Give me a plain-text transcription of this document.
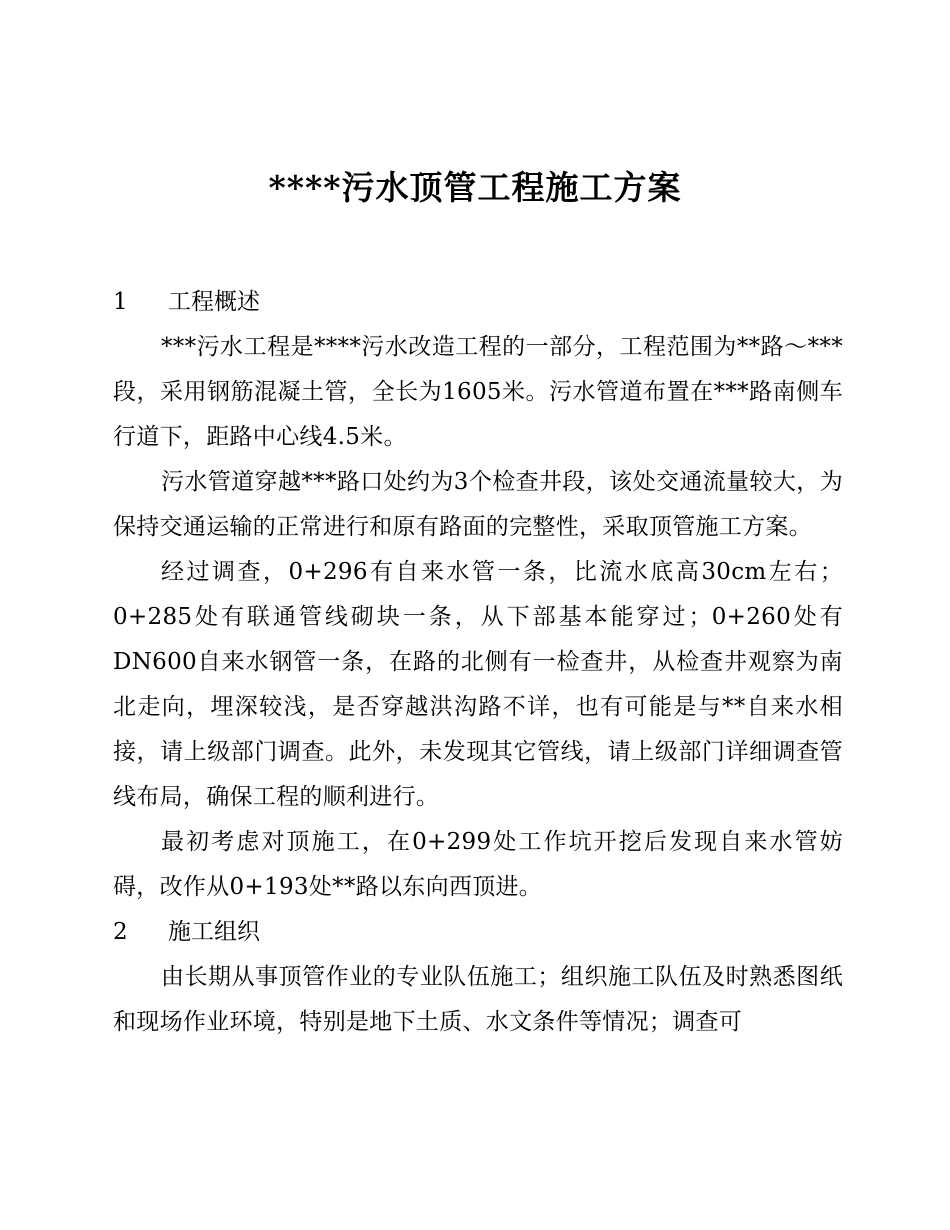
****污水顶管工程施工方案

1 工程概述

***污水工程是****污水改造工程的一部分，工程范围为**路～***段，采用钢筋混凝土管，全长为1605米。污水管道布置在***路南侧车行道下，距路中心线4.5米。

污水管道穿越***路口处约为3个检查井段，该处交通流量较大，为保持交通运输的正常进行和原有路面的完整性，采取顶管施工方案。

经过调查，0+296有自来水管一条，比流水底高30cm左右；0+285处有联通管线砌块一条，从下部基本能穿过；0+260处有DN600自来水钢管一条，在路的北侧有一检查井，从检查井观察为南北走向，埋深较浅，是否穿越洪沟路不详，也有可能是与**自来水相接，请上级部门调查。此外，未发现其它管线，请上级部门详细调查管线布局，确保工程的顺利进行。

最初考虑对顶施工，在0+299处工作坑开挖后发现自来水管妨碍，改作从0+193处**路以东向西顶进。

2 施工组织

由长期从事顶管作业的专业队伍施工；组织施工队伍及时熟悉图纸和现场作业环境，特别是地下土质、水文条件等情况；调查可
